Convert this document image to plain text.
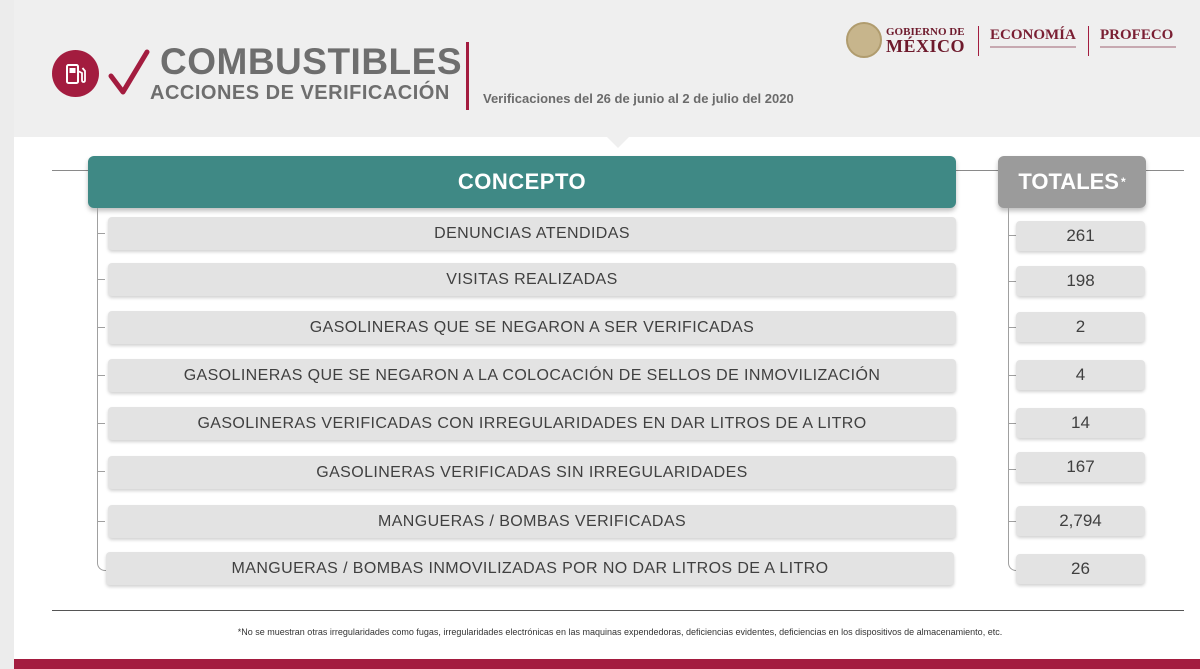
COMBUSTIBLES
ACCIONES DE VERIFICACIÓN	Verificaciones del 26 de junio al 2 de julio del 2020
GOBIERNO DE
MÉXICO
ECONOMÍA PROFECO
CONCEPTO	TOTALES *
DENUNCIAS ATENDIDAS	261
VISITAS REALIZADAS	198
GASOLINERAS QUE SE NEGARON A SER VERIFICADAS	2
GASOLINERAS QUE SE NEGARON A LA COLOCACIÓN DE SELLOS DE INMOVILIZACIÓN	4
GASOLINERAS VERIFICADAS CON IRREGULARIDADES EN DAR LITROS DE A LITRO	14
GASOLINERAS VERIFICADAS SIN IRREGULARIDADES	167
MANGUERAS / BOMBAS VERIFICADAS	2,794
MANGUERAS / BOMBAS INMOVILIZADAS POR NO DAR LITROS DE A LITRO	26
*No se muestran otras irregularidades como fugas, irregularidades electrónicas en las maquinas expendedoras, deficiencias evidentes, deficiencias en los dispositivos de almacenamiento, etc.
